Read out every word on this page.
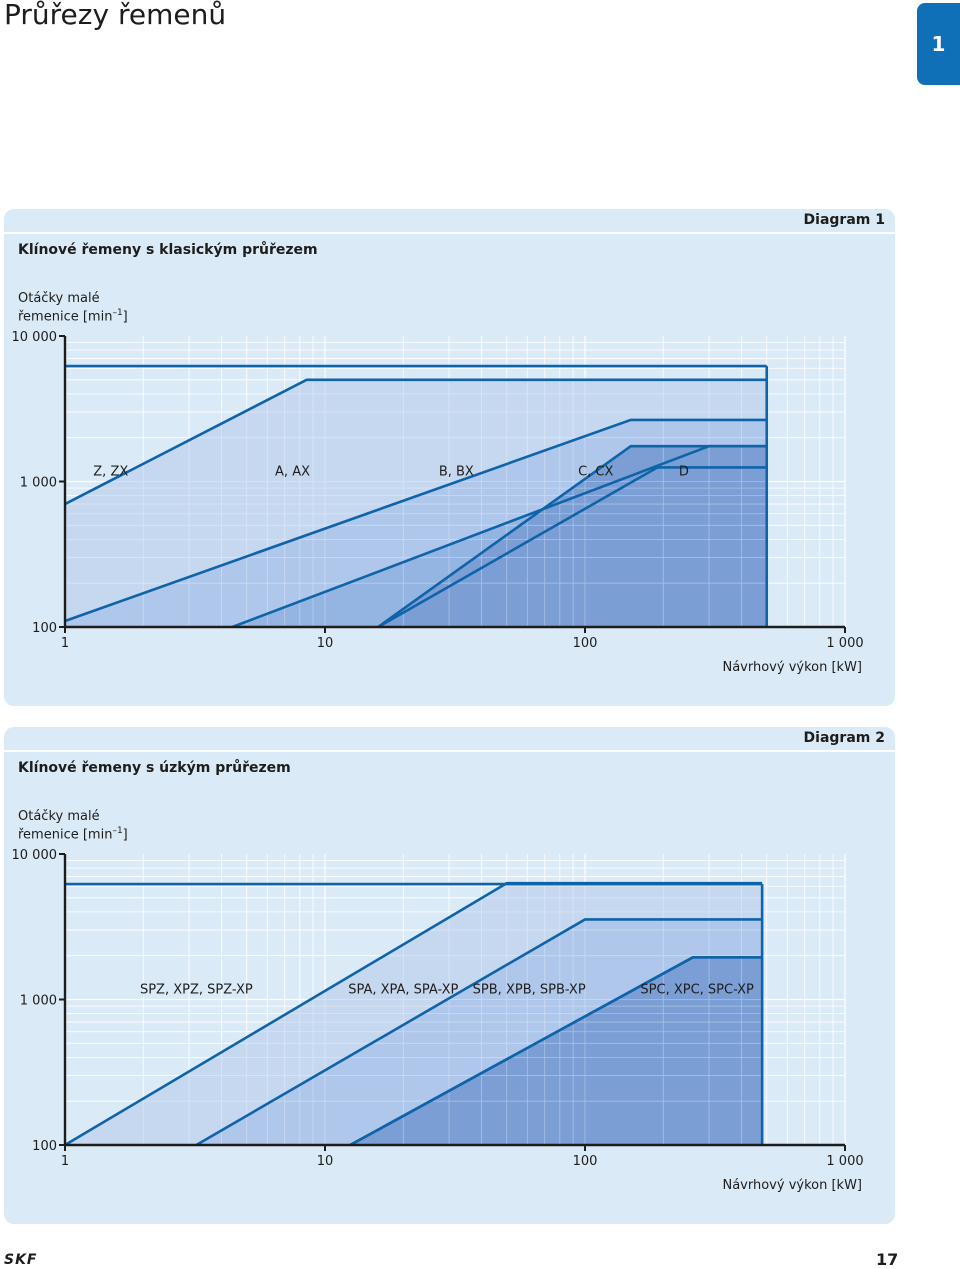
Průřezy řemenů
1
Diagram 1
Klínové řemeny s klasickým průřezem
Otáčky malé
řemenice $[\min^{-1}]$
10 000
1 000
100
1	10	100	1 000
Návrhový výkon [kW]
Z, ZX	A, AX	B, BX	C, CX	D
Diagram 2
Klínové řemeny s úzkým průřezem
Otáčky malé
řemenice $[\min^{-1}]$
10 000
1 000
100
1	10	100	1 000
Návrhový výkon [kW]
SPZ, XPZ, SPZ-XP	SPA, XPA, SPA-XP SPB, XPB, SPB-XP	SPC, XPC, SPC-XP
SKF	17
